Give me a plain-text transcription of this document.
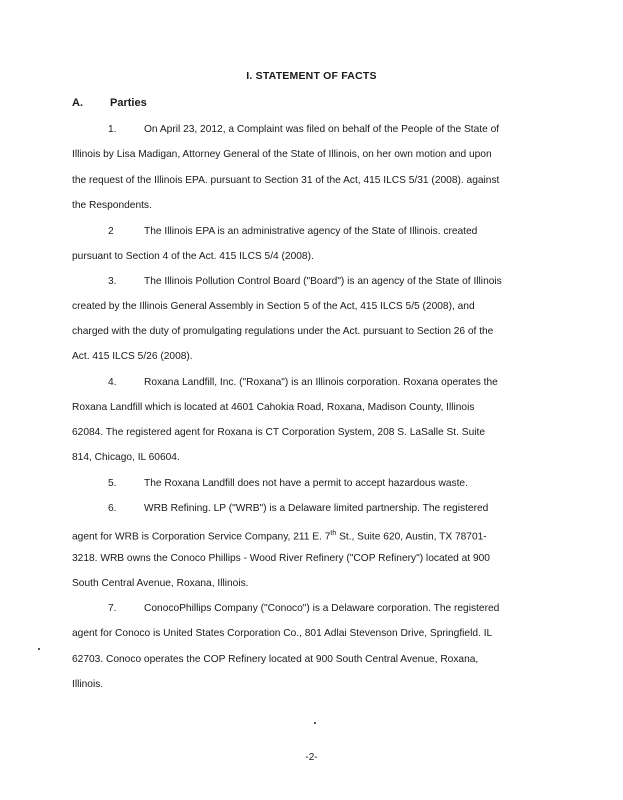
I. STATEMENT OF FACTS
A. Parties
1.	On April 23, 2012, a Complaint was filed on behalf of the People of the State of
Illinois by Lisa Madigan, Attorney General of the State of Illinois, on her own motion and upon
the request of the Illinois EPA. pursuant to Section 31 of the Act, 415 ILCS 5/31 (2008). against
the Respondents.
2	The Illinois EPA is an administrative agency of the State of Illinois. created
pursuant to Section 4 of the Act. 415 ILCS 5/4 (2008).
3.	The Illinois Pollution Control Board ("Board") is an agency of the State of Illinois
created by the Illinois General Assembly in Section 5 of the Act, 415 ILCS 5/5 (2008), and
charged with the duty of promulgating regulations under the Act. pursuant to Section 26 of the
Act. 415 ILCS 5/26 (2008).
4.	Roxana Landfill, Inc. ("Roxana") is an Illinois corporation. Roxana operates the
Roxana Landfill which is located at 4601 Cahokia Road, Roxana, Madison County, Illinois
62084. The registered agent for Roxana is CT Corporation System, 208 S. LaSalle St. Suite
814, Chicago, IL 60604.
5.	The Roxana Landfill does not have a permit to accept hazardous waste.
6.	WRB Refining. LP ("WRB") is a Delaware limited partnership. The registered
agent for WRB is Corporation Service Company, 211 E. 7th St., Suite 620, Austin, TX 78701-
3218. WRB owns the Conoco Phillips - Wood River Refinery ("COP Refinery") located at 900
South Central Avenue, Roxana, Illinois.
7.	ConocoPhillips Company ("Conoco") is a Delaware corporation. The registered
agent for Conoco is United States Corporation Co., 801 Adlai Stevenson Drive, Springfield. IL
62703. Conoco operates the COP Refinery located at 900 South Central Avenue, Roxana,
Illinois.
-2-
